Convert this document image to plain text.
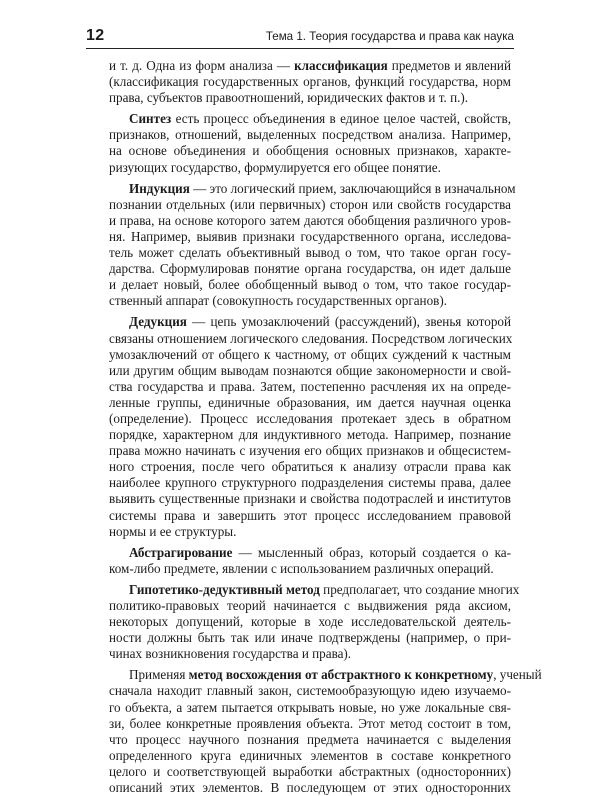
12	Тема 1. Теория государства и права как наука
и т. д. Одна из форм анализа — классификация предметов и явлений
(классификация государственных органов, функций государства, норм
права, субъектов правоотношений, юридических фактов и т. п.).
Синтез есть процесс объединения в единое целое частей, свойств,
признаков, отношений, выделенных посредством анализа. Например,
на основе объединения и обобщения основных признаков, характе-
ризующих государство, формулируется его общее понятие.
Индукция — это логический прием, заключающийся в изначальном
познании отдельных (или первичных) сторон или свойств государства
и права, на основе которого затем даются обобщения различного уров-
ня. Например, выявив признаки государственного органа, исследова-
тель может сделать объективный вывод о том, что такое орган госу-
дарства. Сформулировав понятие органа государства, он идет дальше
и делает новый, более обобщенный вывод о том, что такое государ-
ственный аппарат (совокупность государственных органов).
Дедукция — цепь умозаключений (рассуждений), звенья которой
связаны отношением логического следования. Посредством логических
умозаключений от общего к частному, от общих суждений к частным
или другим общим выводам познаются общие закономерности и свой-
ства государства и права. Затем, постепенно расчленяя их на опреде-
ленные группы, единичные образования, им дается научная оценка
(определение). Процесс исследования протекает здесь в обратном
порядке, характерном для индуктивного метода. Например, познание
права можно начинать с изучения его общих признаков и общесистем-
ного строения, после чего обратиться к анализу отрасли права как
наиболее крупного структурного подразделения системы права, далее
выявить существенные признаки и свойства подотраслей и институтов
системы права и завершить этот процесс исследованием правовой
нормы и ее структуры.
Абстрагирование — мысленный образ, который создается о ка-
ком-либо предмете, явлении с использованием различных операций.
Гипотетико-дедуктивный метод предполагает, что создание многих
политико-правовых теорий начинается с выдвижения ряда аксиом,
некоторых допущений, которые в ходе исследовательской деятель-
ности должны быть так или иначе подтверждены (например, о при-
чинах возникновения государства и права).
Применяя метод восхождения от абстрактного к конкретному, ученый
сначала находит главный закон, системообразующую идею изучаемо-
го объекта, а затем пытается открывать новые, но уже локальные свя-
зи, более конкретные проявления объекта. Этот метод состоит в том,
что процесс научного познания предмета начинается с выделения
определенного круга единичных элементов в составе конкретного
целого и соответствующей выработки абстрактных (односторонних)
описаний этих элементов. В последующем от этих односторонних
